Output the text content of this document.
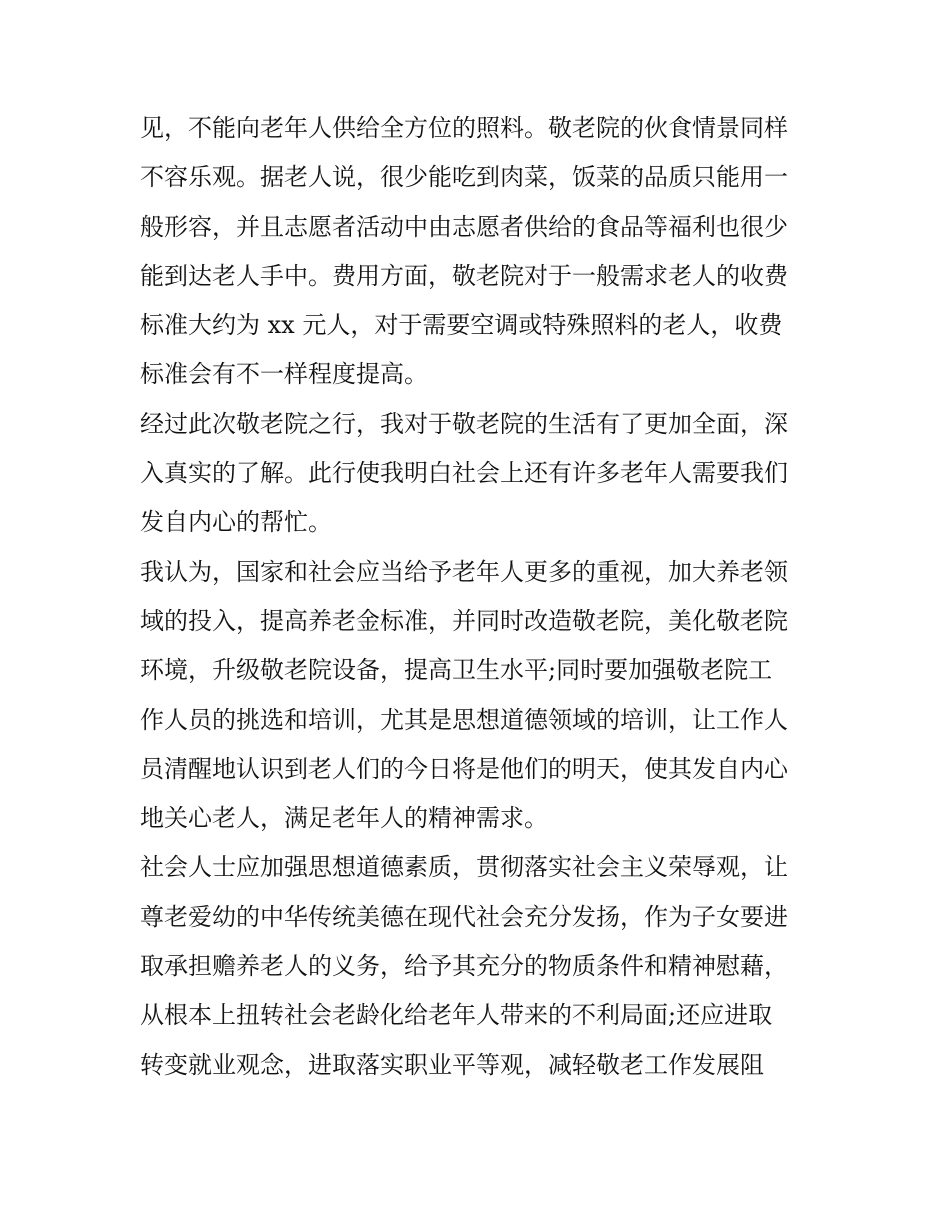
见，不能向老年人供给全方位的照料。敬老院的伙食情景同样
不容乐观。据老人说，很少能吃到肉菜，饭菜的品质只能用一
般形容，并且志愿者活动中由志愿者供给的食品等福利也很少
能到达老人手中。费用方面，敬老院对于一般需求老人的收费
标准大约为 xx 元人，对于需要空调或特殊照料的老人，收费
标准会有不一样程度提高。
经过此次敬老院之行，我对于敬老院的生活有了更加全面，深
入真实的了解。此行使我明白社会上还有许多老年人需要我们
发自内心的帮忙。
我认为，国家和社会应当给予老年人更多的重视，加大养老领
域的投入，提高养老金标准，并同时改造敬老院，美化敬老院
环境，升级敬老院设备，提高卫生水平;同时要加强敬老院工
作人员的挑选和培训，尤其是思想道德领域的培训，让工作人
员清醒地认识到老人们的今日将是他们的明天，使其发自内心
地关心老人，满足老年人的精神需求。
社会人士应加强思想道德素质，贯彻落实社会主义荣辱观，让
尊老爱幼的中华传统美德在现代社会充分发扬，作为子女要进
取承担赡养老人的义务，给予其充分的物质条件和精神慰藉，
从根本上扭转社会老龄化给老年人带来的不利局面;还应进取
转变就业观念，进取落实职业平等观，减轻敬老工作发展阻
